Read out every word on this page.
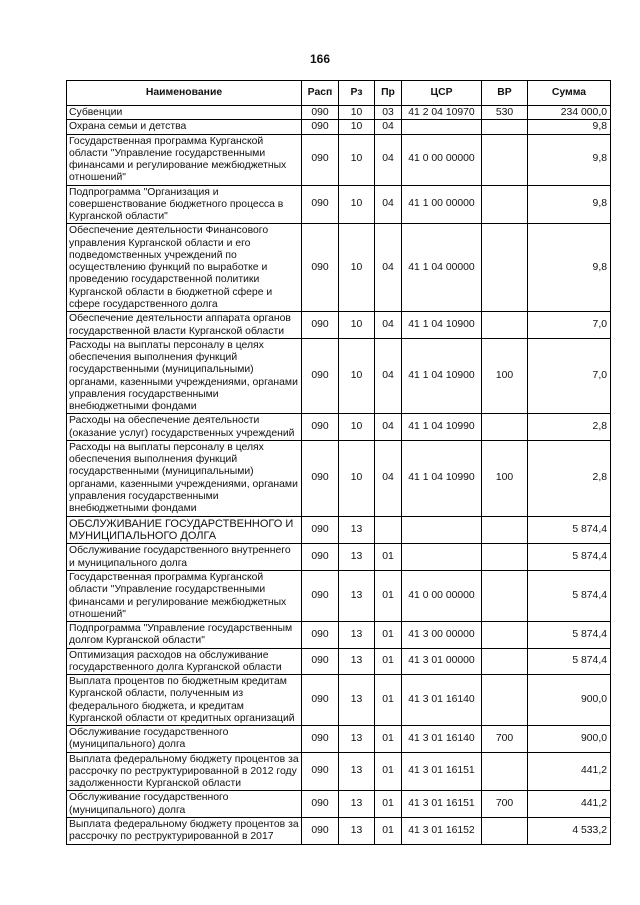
166
Наименование	Расп	Рз	Пр	ЦСР	ВР	Сумма
Субвенции	090	10	03	41 2 04 10970	530	234 000,0
Охрана семьи и детства	090	10	04			9,8
Государственная программа Курганской области "Управление государственными финансами и регулирование межбюджетных отношений"	090	10	04	41 0 00 00000		9,8
Подпрограмма "Организация и совершенствование бюджетного процесса в Курганской области"	090	10	04	41 1 00 00000		9,8
Обеспечение деятельности Финансового управления Курганской области и его подведомственных учреждений по осуществлению функций по выработке и проведению государственной политики Курганской области в бюджетной сфере и сфере государственного долга	090	10	04	41 1 04 00000		9,8
Обеспечение деятельности аппарата органов государственной власти Курганской области	090	10	04	41 1 04 10900		7,0
Расходы на выплаты персоналу в целях обеспечения выполнения функций государственными (муниципальными) органами, казенными учреждениями, органами управления государственными внебюджетными фондами	090	10	04	41 1 04 10900	100	7,0
Расходы на обеспечение деятельности (оказание услуг) государственных учреждений	090	10	04	41 1 04 10990		2,8
Расходы на выплаты персоналу в целях обеспечения выполнения функций государственными (муниципальными) органами, казенными учреждениями, органами управления государственными внебюджетными фондами	090	10	04	41 1 04 10990	100	2,8
ОБСЛУЖИВАНИЕ ГОСУДАРСТВЕННОГО И МУНИЦИПАЛЬНОГО ДОЛГА	090	13				5 874,4
Обслуживание государственного внутреннего и муниципального долга	090	13	01			5 874,4
Государственная программа Курганской области "Управление государственными финансами и регулирование межбюджетных отношений"	090	13	01	41 0 00 00000		5 874,4
Подпрограмма "Управление государственным долгом Курганской области"	090	13	01	41 3 00 00000		5 874,4
Оптимизация расходов на обслуживание государственного долга Курганской области	090	13	01	41 3 01 00000		5 874,4
Выплата процентов по бюджетным кредитам Курганской области, полученным из федерального бюджета, и кредитам Курганской области от кредитных организаций	090	13	01	41 3 01 16140		900,0
Обслуживание государственного (муниципального) долга	090	13	01	41 3 01 16140	700	900,0
Выплата федеральному бюджету процентов за рассрочку по реструктурированной в 2012 году задолженности Курганской области	090	13	01	41 3 01 16151		441,2
Обслуживание государственного (муниципального) долга	090	13	01	41 3 01 16151	700	441,2
Выплата федеральному бюджету процентов за рассрочку по реструктурированной в 2017	090	13	01	41 3 01 16152		4 533,2
